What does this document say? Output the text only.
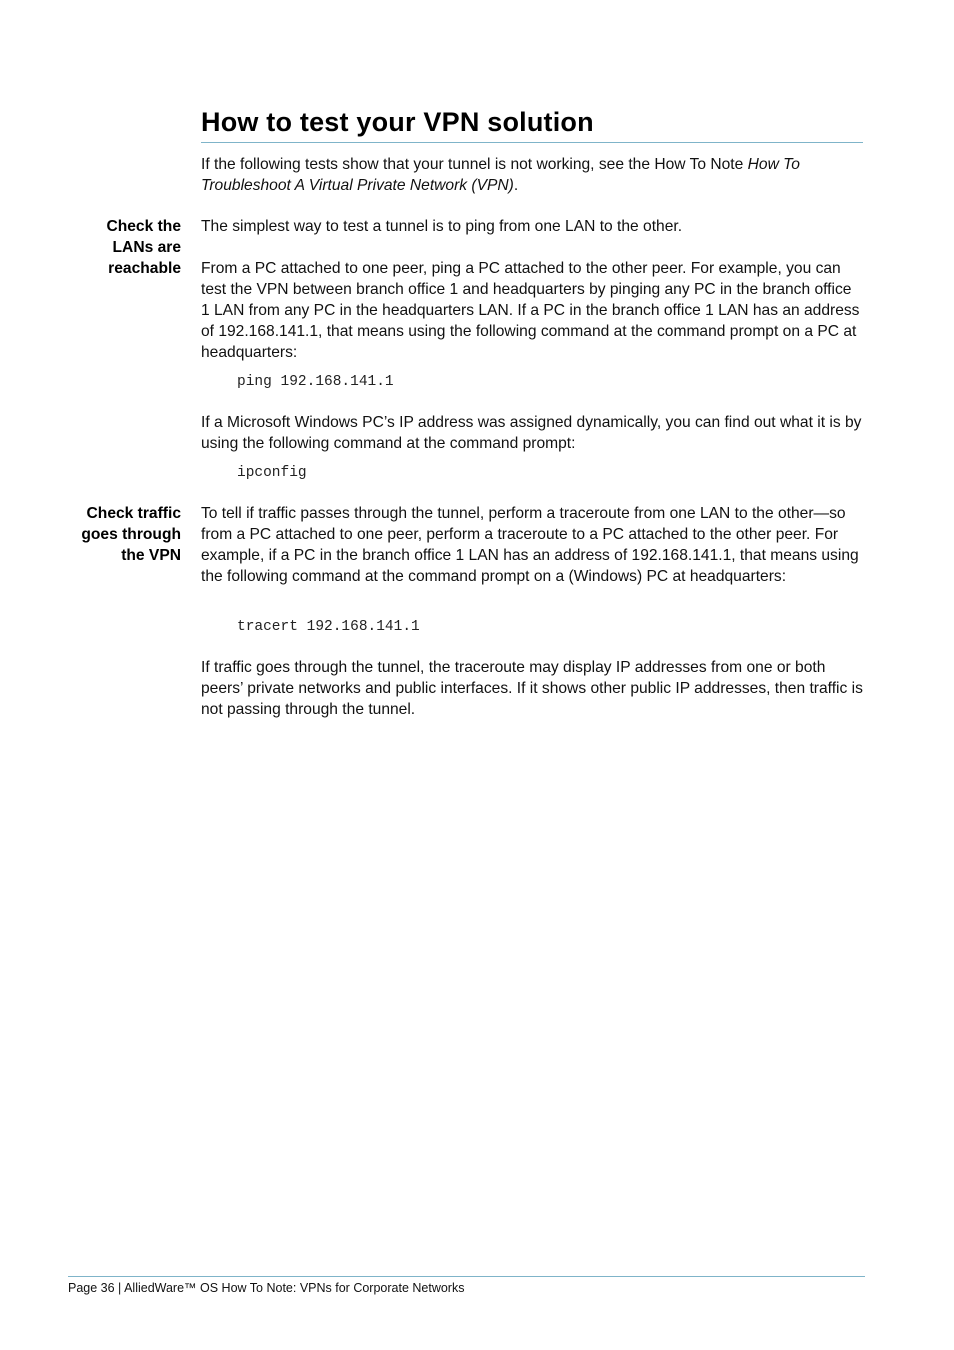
How to test your VPN solution

If the following tests show that your tunnel is not working, see the How To Note How To Troubleshoot A Virtual Private Network (VPN).

Check the
LANs are
reachable

The simplest way to test a tunnel is to ping from one LAN to the other.

From a PC attached to one peer, ping a PC attached to the other peer. For example, you can test the VPN between branch office 1 and headquarters by pinging any PC in the branch office 1 LAN from any PC in the headquarters LAN. If a PC in the branch office 1 LAN has an address of 192.168.141.1, that means using the following command at the command prompt on a PC at headquarters:

ping 192.168.141.1

If a Microsoft Windows PC’s IP address was assigned dynamically, you can find out what it is by using the following command at the command prompt:

ipconfig
Check traffic
goes through
the VPN

To tell if traffic passes through the tunnel, perform a traceroute from one LAN to the other—so from a PC attached to one peer, perform a traceroute to a PC attached to the other peer. For example, if a PC in the branch office 1 LAN has an address of 192.168.141.1, that means using the following command at the command prompt on a (Windows) PC at headquarters:

tracert 192.168.141.1

If traffic goes through the tunnel, the traceroute may display IP addresses from one or both peers’ private networks and public interfaces. If it shows other public IP addresses, then traffic is not passing through the tunnel.

Page 36 | AlliedWare™ OS How To Note: VPNs for Corporate Networks
